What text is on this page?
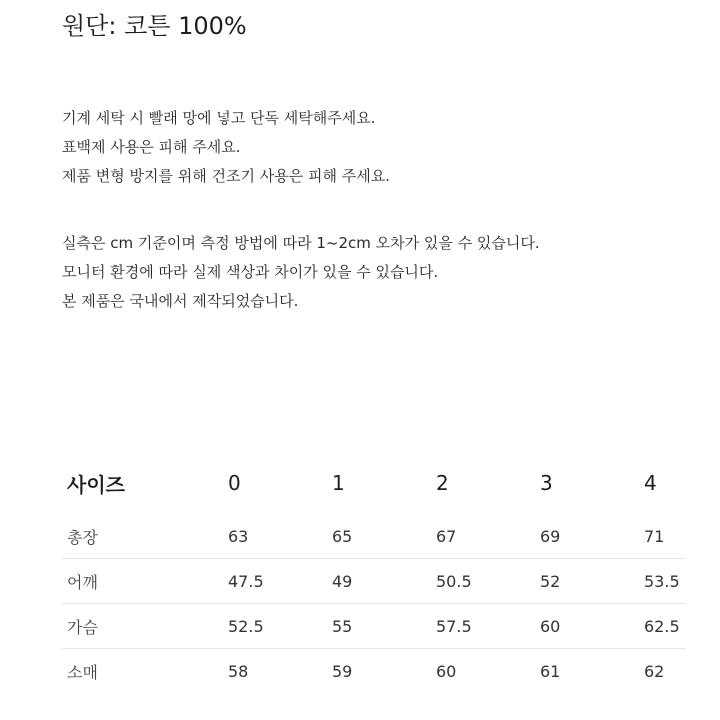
원단: 코튼 100%
기계 세탁 시 빨래 망에 넣고 단독 세탁해주세요.
표백제 사용은 피해 주세요.
제품 변형 방지를 위해 건조기 사용은 피해 주세요.
실측은 cm 기준이며 측정 방법에 따라 1~2cm 오차가 있을 수 있습니다.
모니터 환경에 따라 실제 색상과 차이가 있을 수 있습니다.
본 제품은 국내에서 제작되었습니다.
사이즈	0	1	2	3	4
총장	63	65	67	69	71
어깨	47.5	49	50.5	52	53.5
가슴	52.5	55	57.5	60	62.5
소매	58	59	60	61	62
